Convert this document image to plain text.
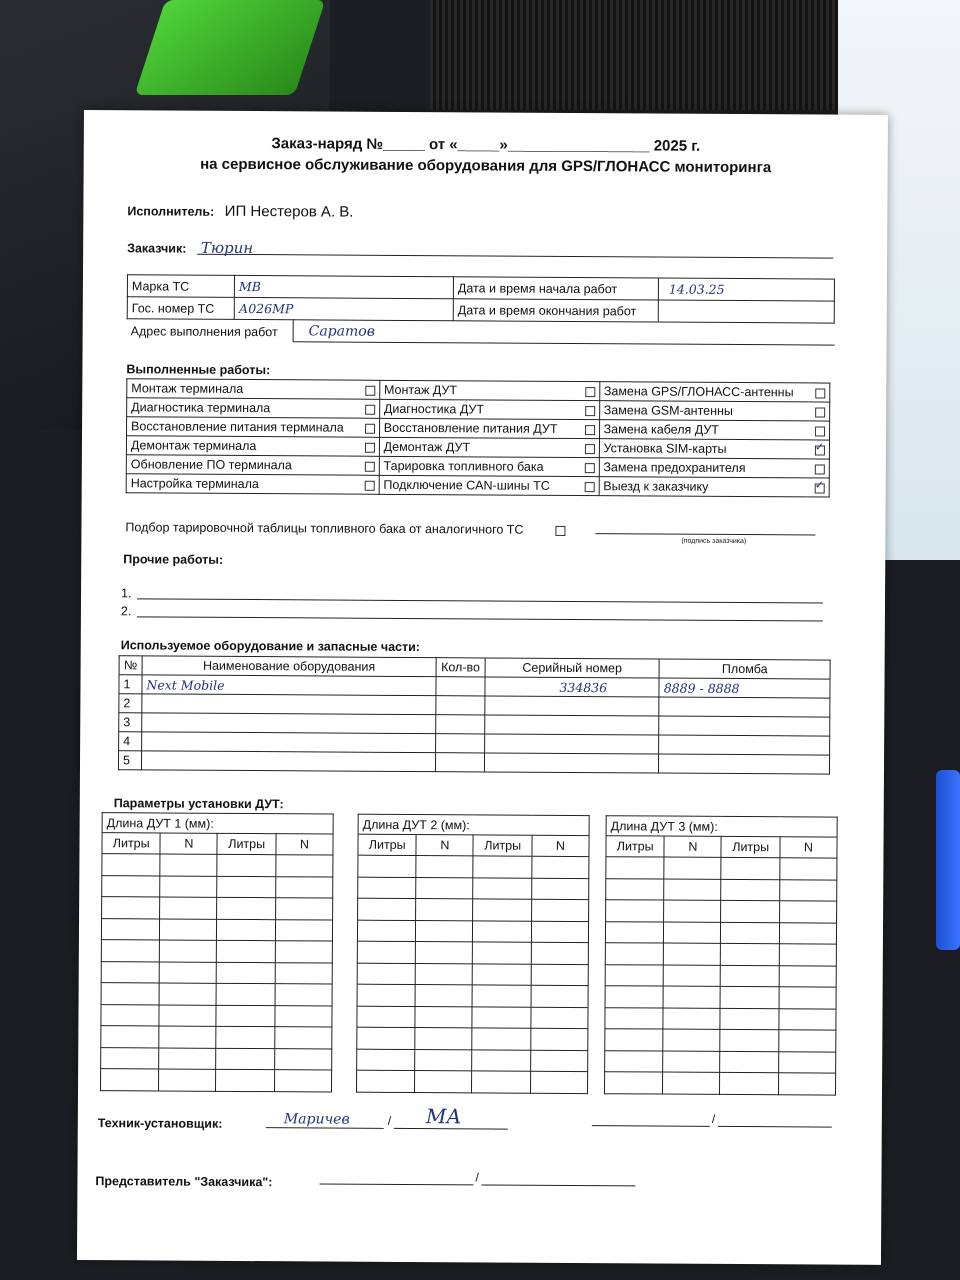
Заказ-наряд №_____ от «_____»_________________ 2025 г.
на сервисное обслуживание оборудования для GPS/ГЛОНАСС мониторинга
Исполнитель: ИП Нестеров А. В.
Заказчик: Тюрин
Марка ТС	МВ	Дата и время начала работ	14.03.25
Гос. номер ТС	А026МР	Дата и время окончания работ	
Адрес выполнения работ Саратов
Выполненные работы:
Монтаж терминала		Монтаж ДУТ		Замена GPS/ГЛОНАСС-антенны	
Диагностика терминала		Диагностика ДУТ		Замена GSM-антенны	
Восстановление питания терминала		Восстановление питания ДУТ		Замена кабеля ДУТ	
Демонтаж терминала		Демонтаж ДУТ		Установка SIM-карты	✓
Обновление ПО терминала		Тарировка топливного бака		Замена предохранителя	
Настройка терминала		Подключение CAN-шины ТС		Выезд к заказчику	✓
Подбор тарировочной таблицы топливного бака от аналогичного ТС
(подпись заказчика)
Прочие работы:
1.
2.
Используемое оборудование и запасные части:
№	Наименование оборудования	Кол-во	Серийный номер	Пломба
1	Next Mobile		334836	8889 - 8888
2				
3				
4				
5				
Параметры установки ДУТ:
Длина ДУТ 1 (мм):			
Литры	N	Литры	N

Длина ДУТ 2 (мм):			
Литры	N	Литры	N

Длина ДУТ 3 (мм):			
Литры	N	Литры	N

Техник-установщик:	Маричев	/ МА	/
Представитель "Заказчика":	/
